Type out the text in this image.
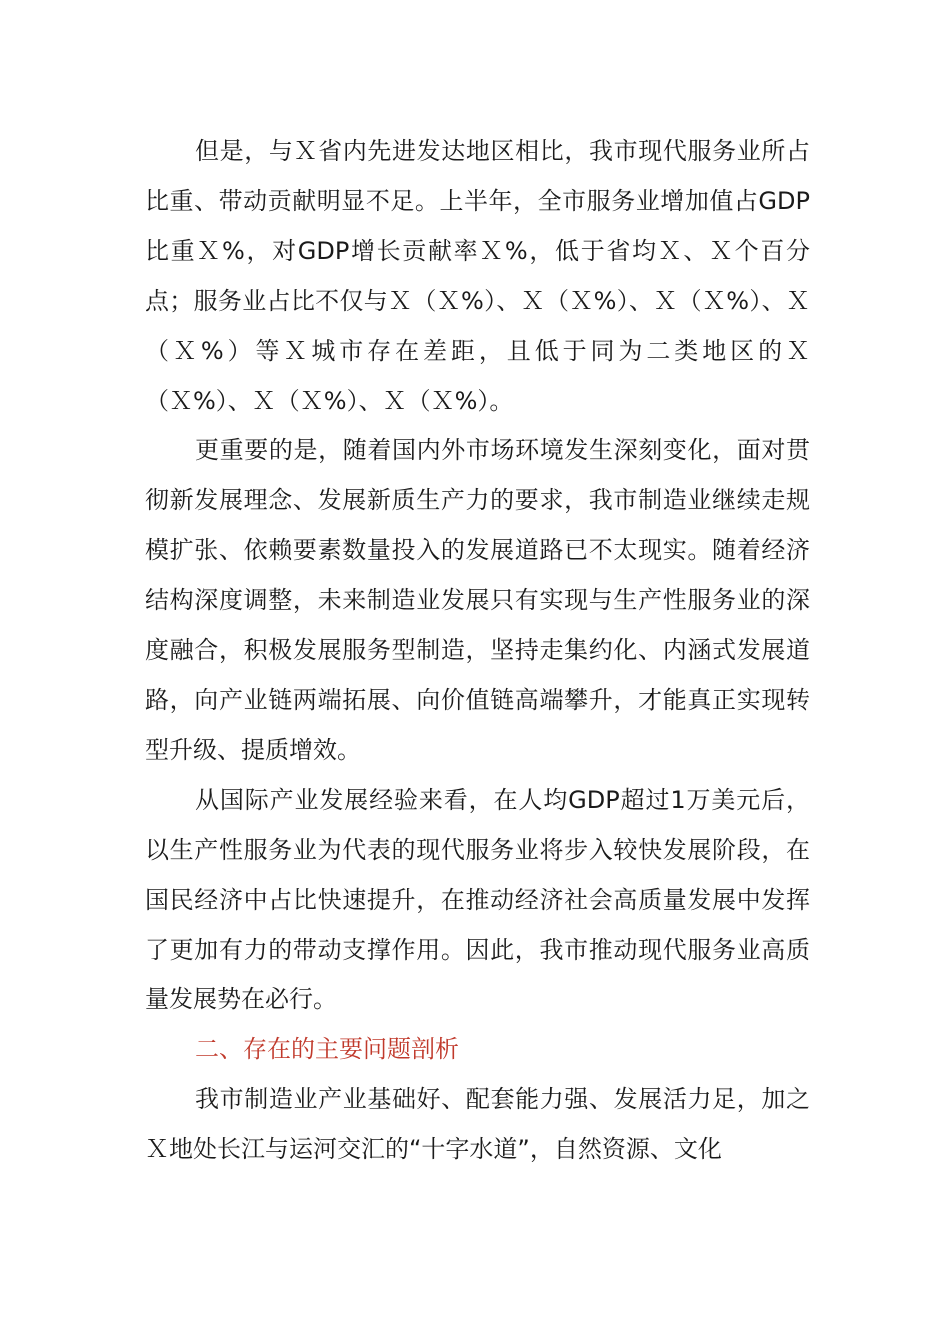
但是，与Ｘ省内先进发达地区相比，我市现代服务业所占比重、带动贡献明显不足。上半年，全市服务业增加值占GDP比重Ｘ%，对GDP增长贡献率Ｘ%，低于省均Ｘ、Ｘ个百分点；服务业占比不仅与Ｘ（Ｘ%）、Ｘ（Ｘ%）、Ｘ（Ｘ%）、Ｘ（Ｘ%）等Ｘ城市存在差距，且低于同为二类地区的Ｘ（Ｘ%）、Ｘ（Ｘ%）、Ｘ（Ｘ%）。

更重要的是，随着国内外市场环境发生深刻变化，面对贯彻新发展理念、发展新质生产力的要求，我市制造业继续走规模扩张、依赖要素数量投入的发展道路已不太现实。随着经济结构深度调整，未来制造业发展只有实现与生产性服务业的深度融合，积极发展服务型制造，坚持走集约化、内涵式发展道路，向产业链两端拓展、向价值链高端攀升，才能真正实现转型升级、提质增效。

从国际产业发展经验来看，在人均GDP超过1万美元后，以生产性服务业为代表的现代服务业将步入较快发展阶段，在国民经济中占比快速提升，在推动经济社会高质量发展中发挥了更加有力的带动支撑作用。因此，我市推动现代服务业高质量发展势在必行。

二、存在的主要问题剖析

我市制造业产业基础好、配套能力强、发展活力足，加之Ｘ地处长江与运河交汇的“十字水道”，自然资源、文化
